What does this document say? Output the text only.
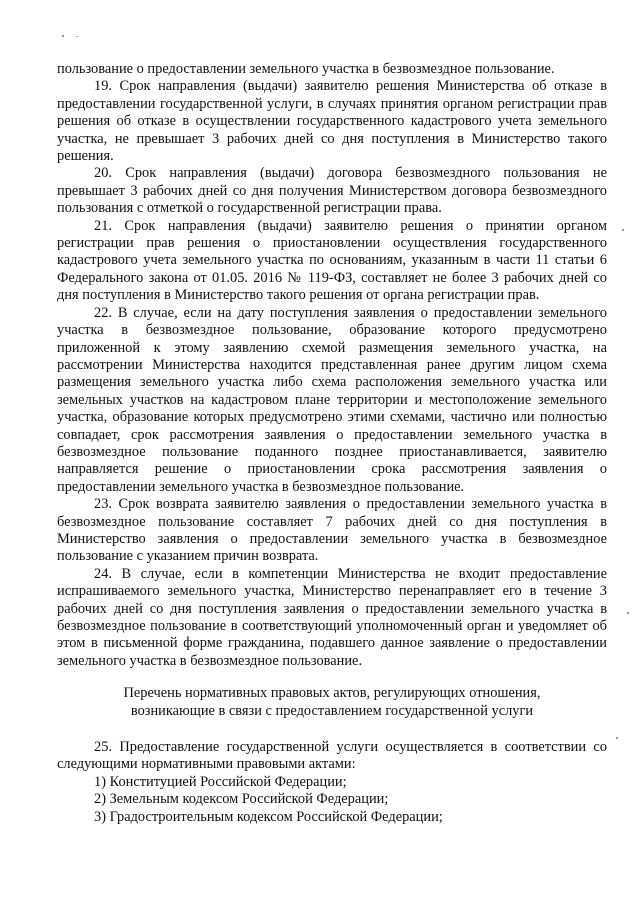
пользование о предоставлении земельного участка в безвозмездное пользование.

19. Срок направления (выдачи) заявителю решения Министерства об отказе в предоставлении государственной услуги, в случаях принятия органом регистрации прав решения об отказе в осуществлении государственного кадастрового учета земельного участка, не превышает 3 рабочих дней со дня поступления в Министерство такого решения.

20. Срок направления (выдачи) договора безвозмездного пользования не превышает 3 рабочих дней со дня получения Министерством договора безвозмездного пользования с отметкой о государственной регистрации права.

21. Срок направления (выдачи) заявителю решения о принятии органом регистрации прав решения о приостановлении осуществления государственного кадастрового учета земельного участка по основаниям, указанным в части 11 статьи 6 Федерального закона от 01.05. 2016 № 119-ФЗ, составляет не более 3 рабочих дней со дня поступления в Министерство такого решения от органа регистрации прав.

22. В случае, если на дату поступления заявления о предоставлении земельного участка в безвозмездное пользование, образование которого предусмотрено приложенной к этому заявлению схемой размещения земельного участка, на рассмотрении Министерства находится представленная ранее другим лицом схема размещения земельного участка либо схема расположения земельного участка или земельных участков на кадастровом плане территории и местоположение земельного участка, образование которых предусмотрено этими схемами, частично или полностью совпадает, срок рассмотрения заявления о предоставлении земельного участка в безвозмездное пользование поданного позднее приостанавливается, заявителю направляется решение о приостановлении срока рассмотрения заявления о предоставлении земельного участка в безвозмездное пользование.

23. Срок возврата заявителю заявления о предоставлении земельного участка в безвозмездное пользование составляет 7 рабочих дней со дня поступления в Министерство заявления о предоставлении земельного участка в безвозмездное пользование с указанием причин возврата.

24. В случае, если в компетенции Министерства не входит предоставление испрашиваемого земельного участка, Министерство перенаправляет его в течение 3 рабочих дней со дня поступления заявления о предоставлении земельного участка в безвозмездное пользование в соответствующий уполномоченный орган и уведомляет об этом в письменной форме гражданина, подавшего данное заявление о предоставлении земельного участка в безвозмездное пользование.

Перечень нормативных правовых актов, регулирующих отношения, возникающие в связи с предоставлением государственной услуги

25. Предоставление государственной услуги осуществляется в соответствии со следующими нормативными правовыми актами:

1) Конституцией Российской Федерации;

2) Земельным кодексом Российской Федерации;

3) Градостроительным кодексом Российской Федерации;
